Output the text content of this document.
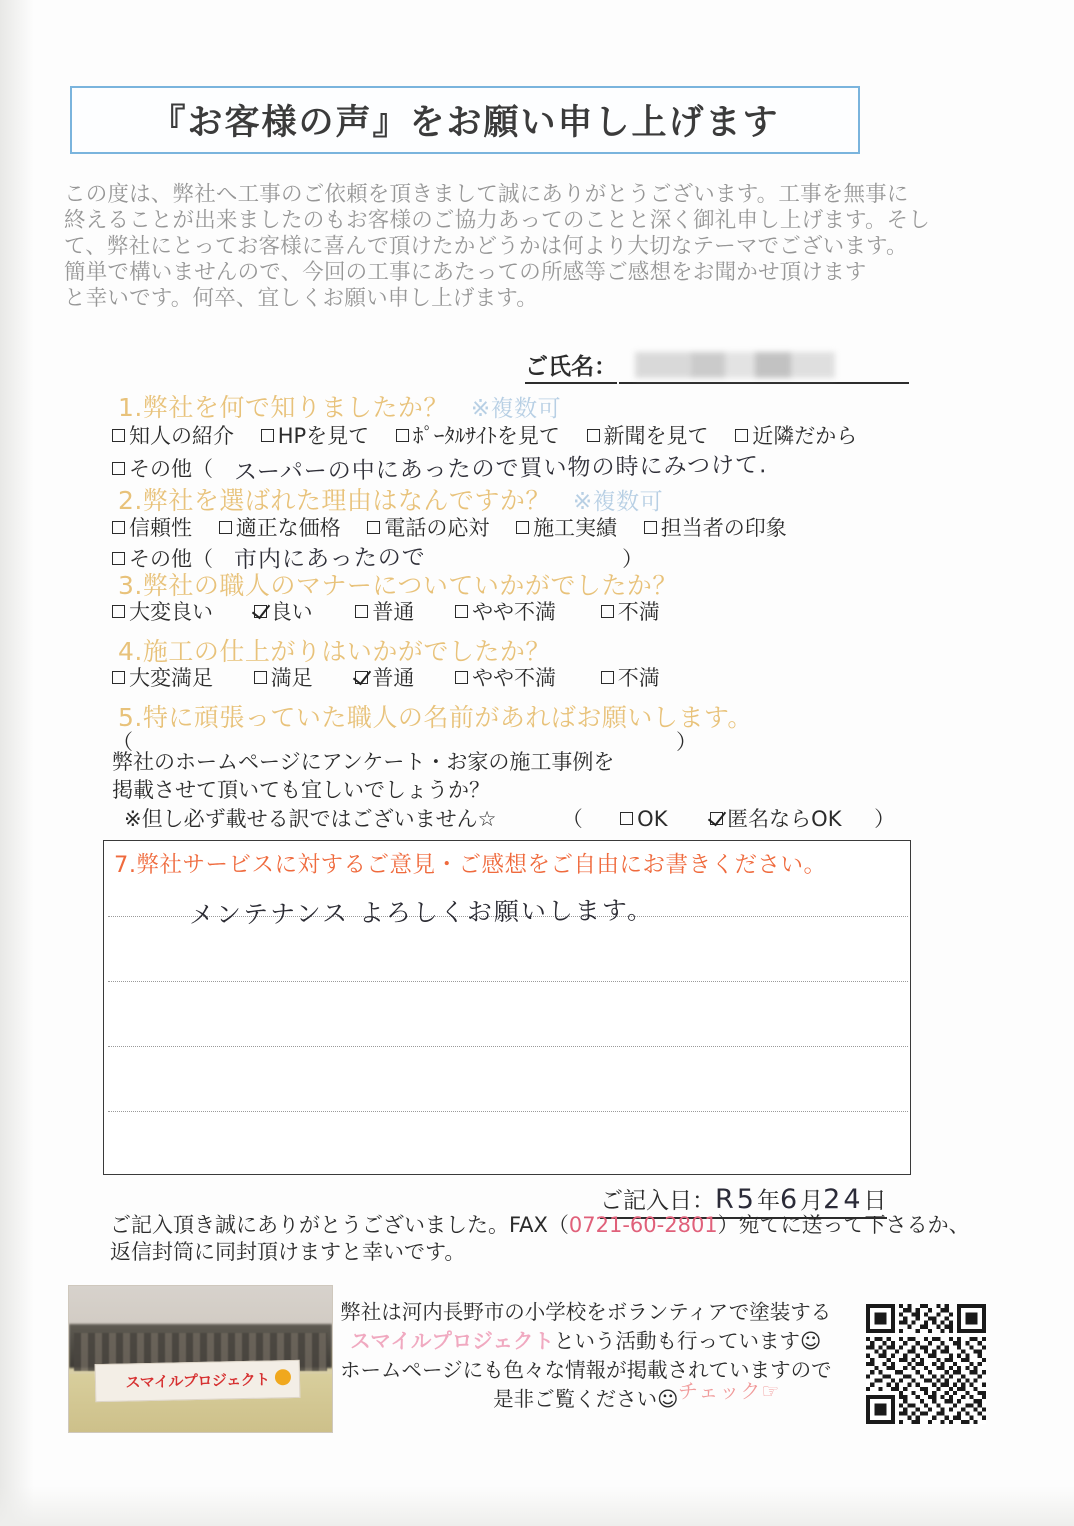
『お客様の声』をお願い申し上げます
この度は、弊社へ工事のご依頼を頂きまして誠にありがとうございます。工事を無事に
終えることが出来ましたのもお客様のご協力あってのことと深く御礼申し上げます。そし
て、弊社にとってお客様に喜んで頂けたかどうかは何より大切なテーマでございます。
簡単で構いませんので、今回の工事にあたっての所感等ご感想をお聞かせ頂けます
と幸いです。何卒、宜しくお願い申し上げます。
ご氏名：
1.弊社を何で知りましたか？ ※複数可
知人の紹介 HPを見て ﾎﾟｰﾀﾙｻｲﾄを見て 新聞を見て 近隣だから
その他（ スーパーの中にあったので買い物の時にみつけて.
2.弊社を選ばれた理由はなんですか？ ※複数可
信頼性 適正な価格 電話の応対 施工実績 担当者の印象
その他（ 市内にあったので	）
3.弊社の職人のマナーについていかがでしたか？
大変良い	良い	普通	やや不満	不満
4.施工の仕上がりはいかがでしたか？
大変満足	満足	普通	やや不満	不満
5.特に頑張っていた職人の名前があればお願いします。
（	）
弊社のホームページにアンケート・お家の施工事例を
掲載させて頂いても宜しいでしょうか？
※但し必ず載せる訳ではございません☆	（	OK	匿名ならOK ）
7.弊社サービスに対するご意見・ご感想をご自由にお書きください。
メンテナンス よろしくお願いします。
ご記入日：R5年6月24日
ご記入頂き誠にありがとうございました。FAX（0721-60-2801）宛てに送って下さるか、
返信封筒に同封頂けますと幸いです。
スマイルプロジェクト
弊社は河内長野市の小学校をボランティアで塗装する
スマイルプロジェクトという活動も行っています☺
ホームページにも色々な情報が掲載されていますので
是非ご覧ください☺ チェック☞
